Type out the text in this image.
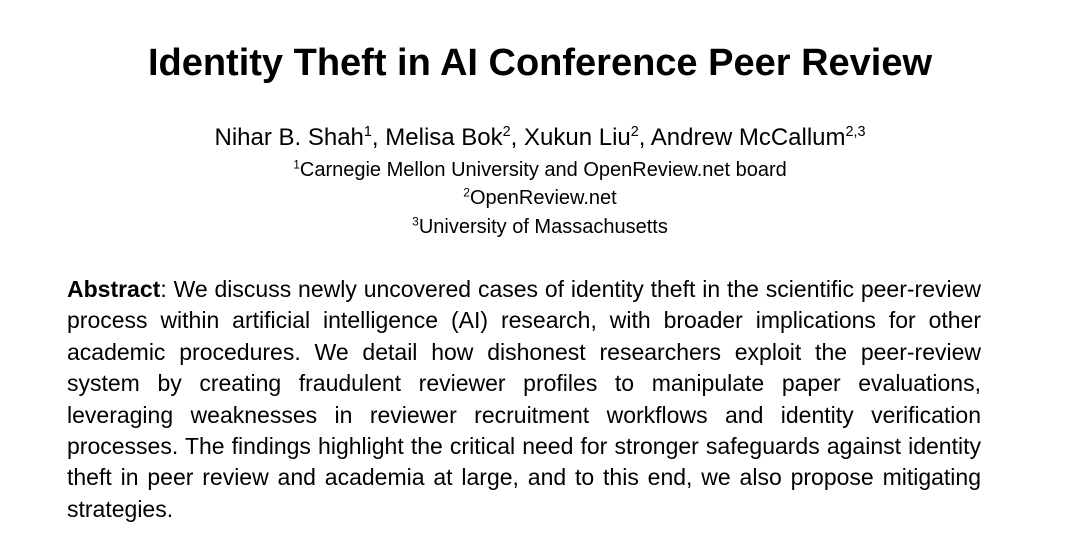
Identity Theft in AI Conference Peer Review
Nihar B. Shah$^1$, Melisa Bok$^2$, Xukun Liu$^2$, Andrew McCallum$^{2,3}$
$^1$Carnegie Mellon University and OpenReview.net board
$^2$OpenReview.net
$^3$University of Massachusetts
Abstract: We discuss newly uncovered cases of identity theft in the scientific peer-review process within artificial intelligence (AI) research, with broader implications for other academic procedures. We detail how dishonest researchers exploit the peer-review system by creating fraudulent reviewer profiles to manipulate paper evaluations, leveraging weaknesses in reviewer recruitment workflows and identity verification processes. The findings highlight the critical need for stronger safeguards against identity theft in peer review and academia at large, and to this end, we also propose mitigating strategies.
